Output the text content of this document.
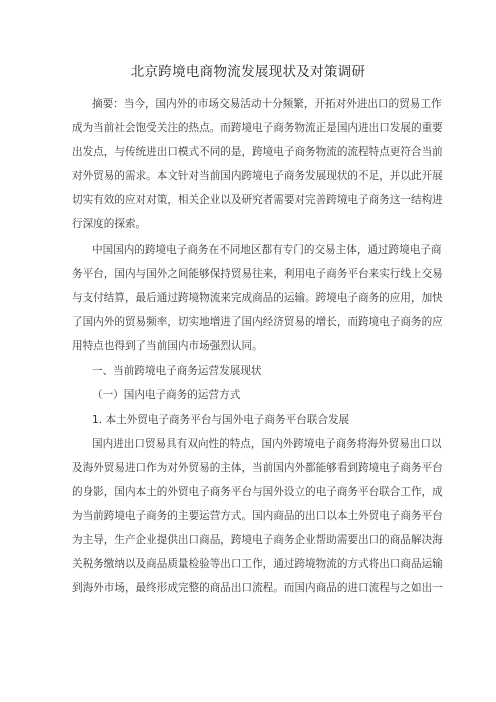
北京跨境电商物流发展现状及对策调研
摘要：当今，国内外的市场交易活动十分频繁，开拓对外进出口的贸易工作
成为当前社会饱受关注的热点。而跨境电子商务物流正是国内进出口发展的重要
出发点，与传统进出口模式不同的是，跨境电子商务物流的流程特点更符合当前
对外贸易的需求。本文针对当前国内跨境电子商务发展现状的不足，并以此开展
切实有效的应对对策，相关企业以及研究者需要对完善跨境电子商务这一结构进
行深度的探索。
中国国内的跨境电子商务在不同地区都有专门的交易主体，通过跨境电子商
务平台，国内与国外之间能够保持贸易往来，利用电子商务平台来实行线上交易
与支付结算，最后通过跨境物流来完成商品的运输。跨境电子商务的应用，加快
了国内外的贸易频率，切实地增进了国内经济贸易的增长，而跨境电子商务的应
用特点也得到了当前国内市场强烈认同。
一、当前跨境电子商务运营发展现状
（一）国内电子商务的运营方式
1. 本土外贸电子商务平台与国外电子商务平台联合发展
国内进出口贸易具有双向性的特点，国内外跨境电子商务将海外贸易出口以
及海外贸易进口作为对外贸易的主体，当前国内外都能够看到跨境电子商务平台
的身影，国内本土的外贸电子商务平台与国外设立的电子商务平台联合工作，成
为当前跨境电子商务的主要运营方式。国内商品的出口以本土外贸电子商务平台
为主导，生产企业提供出口商品，跨境电子商务企业帮助需要出口的商品解决海
关税务缴纳以及商品质量检验等出口工作，通过跨境物流的方式将出口商品运输
到海外市场，最终形成完整的商品出口流程。而国内商品的进口流程与之如出一
